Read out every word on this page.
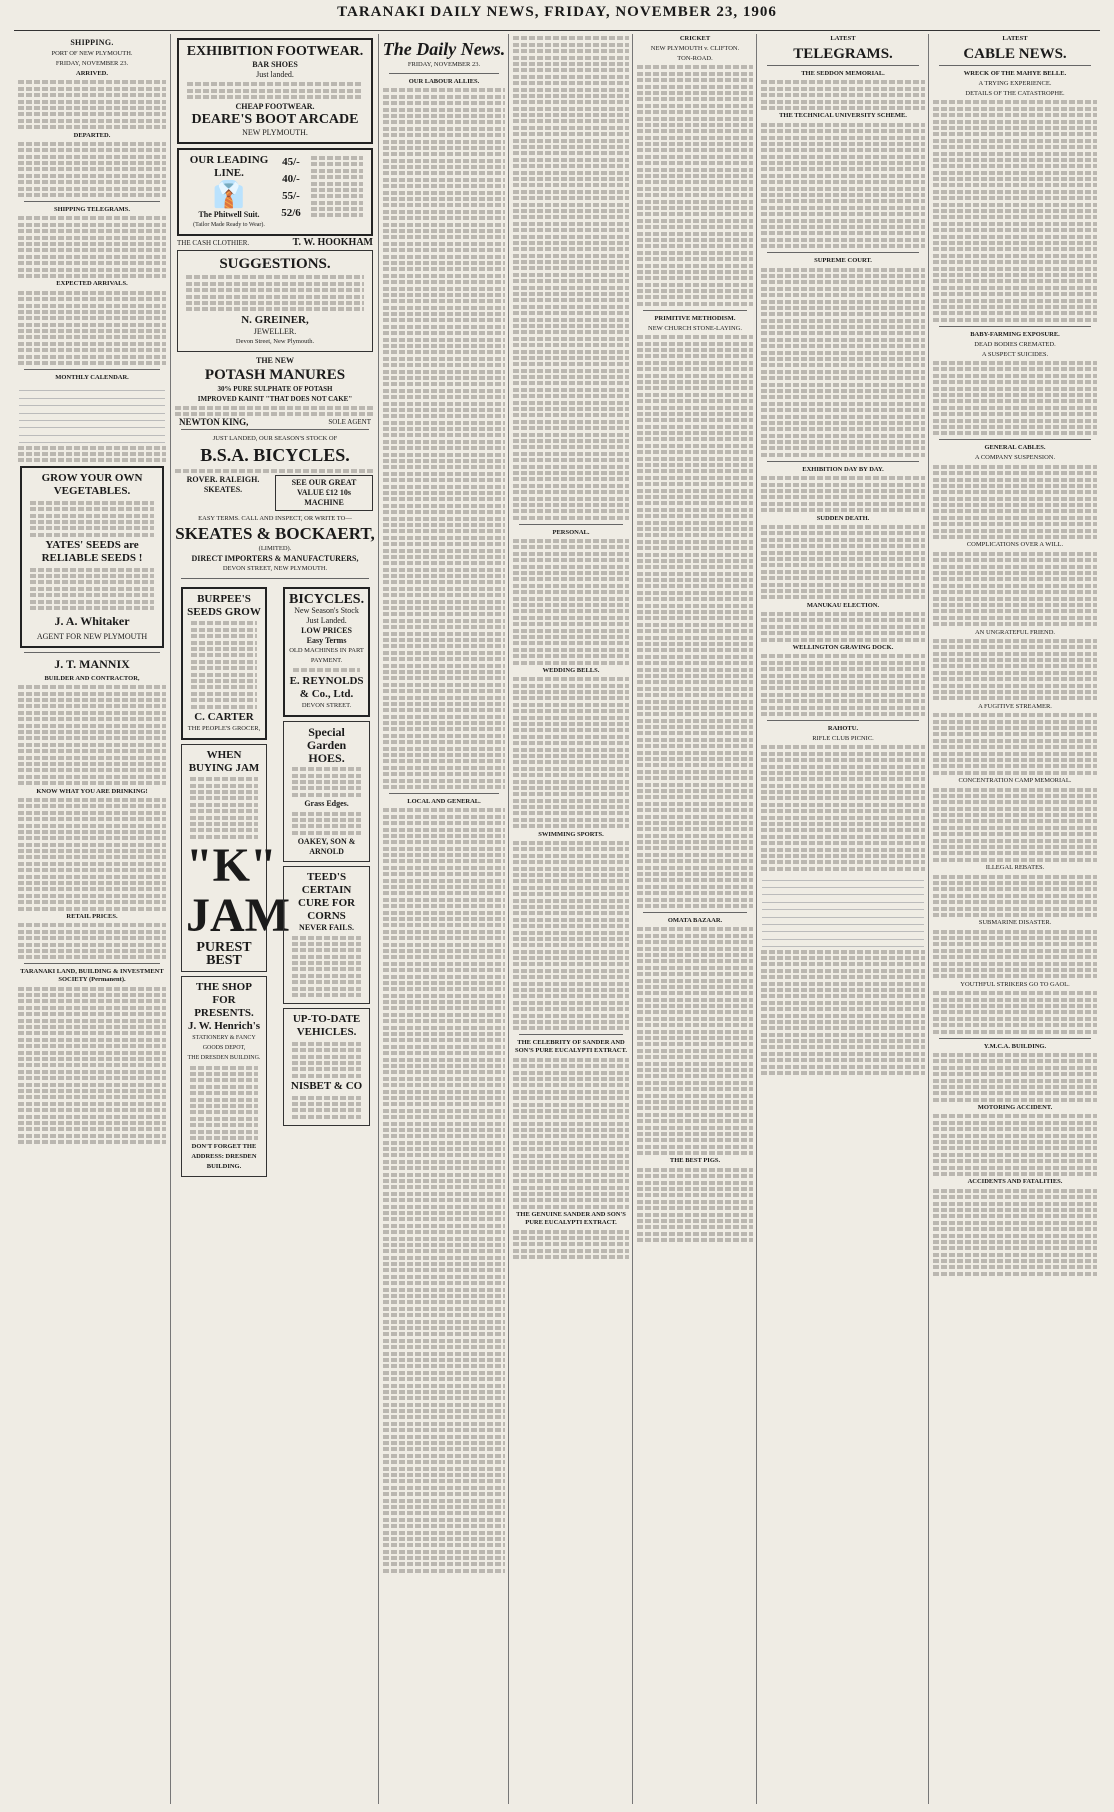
TARANAKI DAILY NEWS, FRIDAY, NOVEMBER 23, 1906
SHIPPING.
PORT OF NEW PLYMOUTH.
FRIDAY, NOVEMBER 23.
ARRIVED.
DEPARTED.
SHIPPING TELEGRAMS.
EXPECTED ARRIVALS.
MONTHLY CALENDAR.

GROW YOUR OWN VEGETABLES.
YATES' SEEDS are RELIABLE SEEDS !
J. A. Whitaker
AGENT FOR NEW PLYMOUTH
J. T. MANNIX
BUILDER AND CONTRACTOR,
KNOW WHAT YOU ARE DRINKING!
RETAIL PRICES.
TARANAKI LAND, BUILDING & INVESTMENT SOCIETY (Permanent).
EXHIBITION FOOTWEAR.
BAR SHOES
Just landed.
CHEAP FOOTWEAR.
DEARE'S BOOT ARCADE
NEW PLYMOUTH.
OUR LEADING LINE.
👔
The Phitwell Suit.
(Tailor Made Ready to Wear).
45/-
40/-
55/-
52/6
THE CASH CLOTHIER.	T. W. HOOKHAM
SUGGESTIONS.
N. GREINER,
JEWELLER.
Devon Street, New Plymouth.
THE NEW
POTASH MANURES
30% PURE SULPHATE OF POTASH
IMPROVED KAINIT "THAT DOES NOT CAKE"
NEWTON KING,	SOLE AGENT
JUST LANDED, OUR SEASON'S STOCK OF
B.S.A. BICYCLES.
ROVER. RALEIGH. SKEATES.
SEE OUR GREAT VALUE £12 10s MACHINE
EASY TERMS. CALL AND INSPECT, OR WRITE TO—
SKEATES & BOCKAERT,
(LIMITED).
DIRECT IMPORTERS & MANUFACTURERS,
DEVON STREET, NEW PLYMOUTH.
BURPEE'S SEEDS GROW
C. CARTER
THE PEOPLE'S GROCER,
WHEN BUYING JAM
"K" JAM
PUREST BEST
THE SHOP FOR PRESENTS.
J. W. Henrich's
STATIONERY & FANCY GOODS DEPOT,
THE DRESDEN BUILDING.
DON'T FORGET THE ADDRESS: DRESDEN BUILDING.
BICYCLES.
New Season's Stock Just Landed.
LOW PRICES
Easy Terms
OLD MACHINES IN PART PAYMENT.
E. REYNOLDS & Co., Ltd.
DEVON STREET.
Special Garden HOES.
Grass Edges.
OAKEY, SON & ARNOLD
TEED'S CERTAIN CURE FOR CORNS
NEVER FAILS.
UP-TO-DATE VEHICLES.
NISBET & CO
The Daily News.
FRIDAY, NOVEMBER 23.
OUR LABOUR ALLIES.
LOCAL AND GENERAL.
PERSONAL.
WEDDING BELLS.
SWIMMING SPORTS.
THE CELEBRITY OF SANDER AND SON'S PURE EUCALYPTI EXTRACT.
THE GENUINE SANDER AND SON'S PURE EUCALYPTI EXTRACT.
CRICKET
NEW PLYMOUTH v. CLIFTON.
TON-ROAD.
PRIMITIVE METHODISM.
NEW CHURCH STONE-LAYING.
OMATA BAZAAR.
THE BEST PIGS.
LATEST
TELEGRAMS.
THE SEDDON MEMORIAL.
THE TECHNICAL UNIVERSITY SCHEME.
SUPREME COURT.
EXHIBITION DAY BY DAY.
SUDDEN DEATH.
MANUKAU ELECTION.
WELLINGTON GRAVING DOCK.
RAHOTU.
RIFLE CLUB PICNIC.

LATEST
CABLE NEWS.
WRECK OF THE MAHYE BELLE.
A TRYING EXPERIENCE.
DETAILS OF THE CATASTROPHE.
BABY-FARMING EXPOSURE.
DEAD BODIES CREMATED.
A SUSPECT SUICIDES.
GENERAL CABLES.
A COMPANY SUSPENSION.
COMPLICATIONS OVER A WILL.
AN UNGRATEFUL FRIEND.
A FUGITIVE STREAMER.
CONCENTRATION CAMP MEMORIAL.
ILLEGAL REBATES.
SUBMARINE DISASTER.
YOUTHFUL STRIKERS GO TO GAOL.
Y.M.C.A. BUILDING.
MOTORING ACCIDENT.
ACCIDENTS AND FATALITIES.
